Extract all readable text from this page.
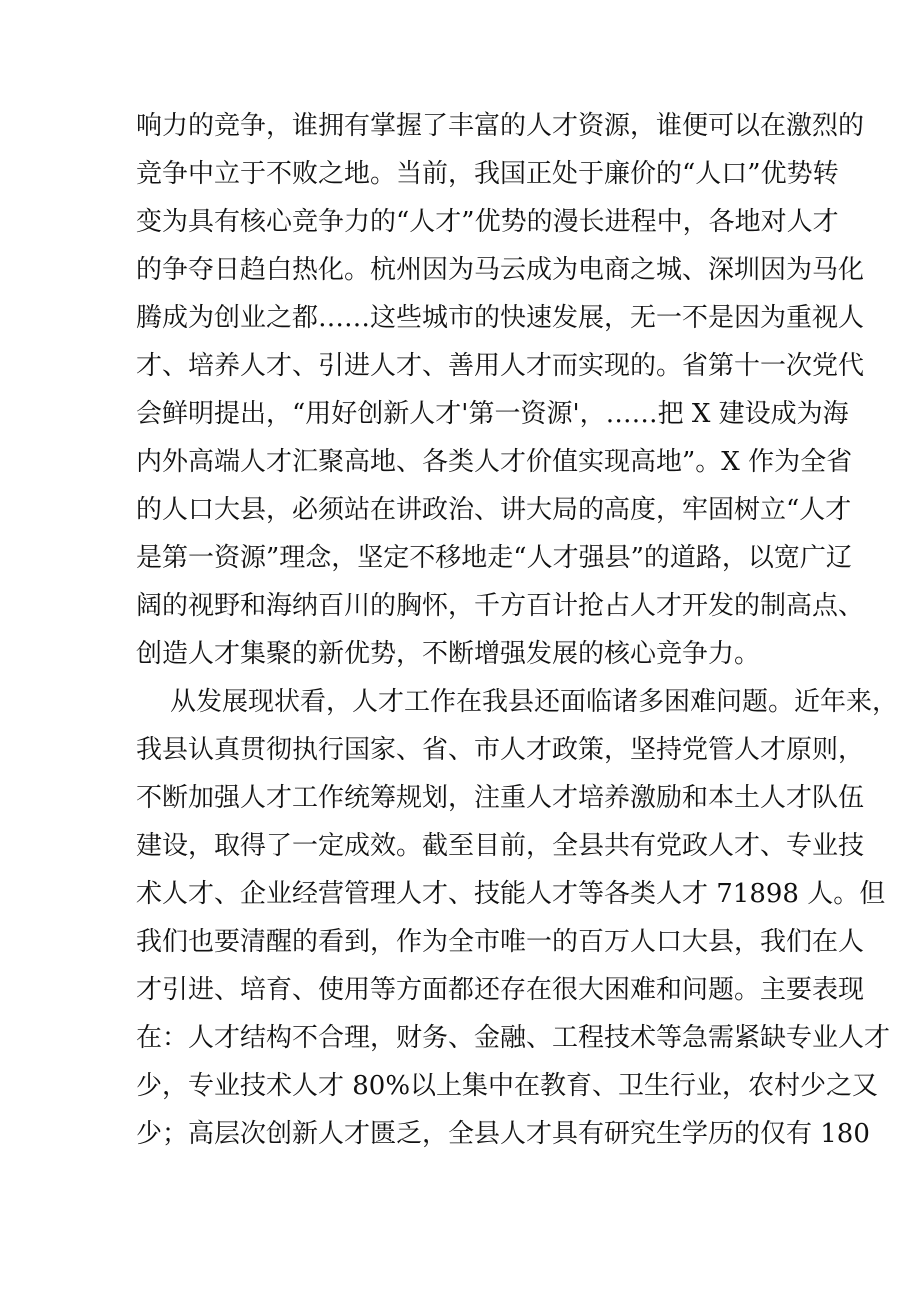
响力的竞争，谁拥有掌握了丰富的人才资源，谁便可以在激烈的
竞争中立于不败之地。当前，我国正处于廉价的“人口”优势转
变为具有核心竞争力的“人才”优势的漫长进程中，各地对人才
的争夺日趋白热化。杭州因为马云成为电商之城、深圳因为马化
腾成为创业之都……这些城市的快速发展，无一不是因为重视人
才、培养人才、引进人才、善用人才而实现的。省第十一次党代
会鲜明提出，“用好创新人才'第一资源'，……把 X 建设成为海
内外高端人才汇聚高地、各类人才价值实现高地”。X 作为全省
的人口大县，必须站在讲政治、讲大局的高度，牢固树立“人才
是第一资源”理念，坚定不移地走“人才强县”的道路，以宽广辽
阔的视野和海纳百川的胸怀，千方百计抢占人才开发的制高点、
创造人才集聚的新优势，不断增强发展的核心竞争力。
从发展现状看，人才工作在我县还面临诸多困难问题。近年来，
我县认真贯彻执行国家、省、市人才政策，坚持党管人才原则，
不断加强人才工作统筹规划，注重人才培养激励和本土人才队伍
建设，取得了一定成效。截至目前，全县共有党政人才、专业技
术人才、企业经营管理人才、技能人才等各类人才 71898 人。但
我们也要清醒的看到，作为全市唯一的百万人口大县，我们在人
才引进、培育、使用等方面都还存在很大困难和问题。主要表现
在：人才结构不合理，财务、金融、工程技术等急需紧缺专业人才
少，专业技术人才 80%以上集中在教育、卫生行业，农村少之又
少；高层次创新人才匮乏，全县人才具有研究生学历的仅有 180
